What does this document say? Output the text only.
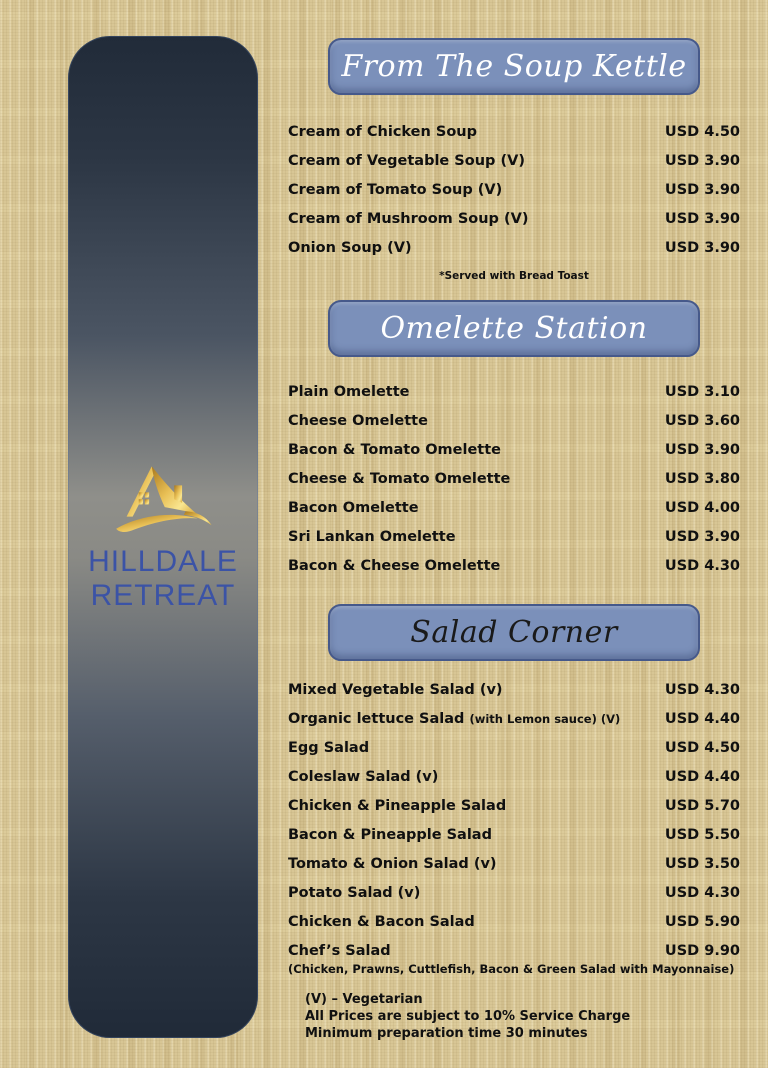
HILLDALE
RETREAT
From The Soup Kettle
Cream of Chicken Soup	USD 4.50
Cream of Vegetable Soup (V)	USD 3.90
Cream of Tomato Soup (V)	USD 3.90
Cream of Mushroom Soup (V)	USD 3.90
Onion Soup (V)	USD 3.90
*Served with Bread Toast
Omelette Station
Plain Omelette	USD 3.10
Cheese Omelette	USD 3.60
Bacon & Tomato Omelette	USD 3.90
Cheese & Tomato Omelette	USD 3.80
Bacon Omelette	USD 4.00
Sri Lankan Omelette	USD 3.90
Bacon & Cheese Omelette	USD 4.30
Salad Corner
Mixed Vegetable Salad (v)	USD 4.30
Organic lettuce Salad (with Lemon sauce) (V)	USD 4.40
Egg Salad	USD 4.50
Coleslaw Salad (v)	USD 4.40
Chicken & Pineapple Salad	USD 5.70
Bacon & Pineapple Salad	USD 5.50
Tomato & Onion Salad (v)	USD 3.50
Potato Salad (v)	USD 4.30
Chicken & Bacon Salad	USD 5.90
Chef’s Salad	USD 9.90
(Chicken, Prawns, Cuttlefish, Bacon & Green Salad with Mayonnaise)
(V) – Vegetarian
All Prices are subject to 10% Service Charge
Minimum preparation time 30 minutes
